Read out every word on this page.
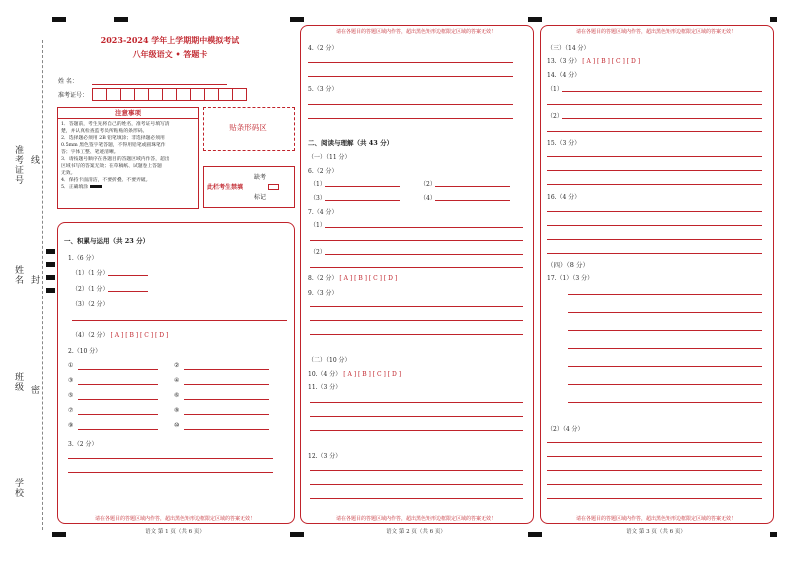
准考证号 线
姓名 封
班级 密
学校
2023-2024 学年上学期期中模拟考试
八年级语文 • 答题卡
姓 名：
准考证号：
注意事项
1．答题前，考生先将自己的姓名，准考证号填写清
楚，并认真检查监考员所粘贴的条形码。
2．选择题必须用 2B 铅笔填涂；非选择题必须用
0.5mm 黑色签字笔答题，不得用铅笔或圆珠笔作
答；字体工整、笔迹清晰。
3．请按题号顺序在各题目的答题区域内作答，超出
区域书写的答案无效；在草稿纸、试题卷上答题
无效。
4．保持卡面清洁，不要折叠、不要弄破。
5．正确填涂
贴条形码区
此栏考生禁填
缺考
标记
一、积累与运用（共 23 分）
1.（6 分）
（1）（1 分）
（2）（1 分）
（3）（2 分）
（4）（2 分） [ A ] [ B ] [ C ] [ D ]
2.（10 分）
①	②
③	④
⑤	⑥
⑦	⑧
⑨	⑩
3.（2 分）
请在各题目的答题区域内作答，超出黑色矩形边框限定区域的答案无效！
语文 第 1 页（共 6 页）
请在各题目的答题区域内作答，超出黑色矩形边框限定区域的答案无效！
4.（2 分）
5.（3 分）
二、阅读与理解（共 43 分）
（一）（11 分）
6.（2 分）
（1）	（2）
（3）	（4）
7.（4 分）
（1）
（2）
8.（2 分） [ A ] [ B ] [ C ] [ D ]
9.（3 分）
（二）（10 分）
10.（4 分） [ A ] [ B ] [ C ] [ D ]
11.（3 分）
12.（3 分）
请在各题目的答题区域内作答，超出黑色矩形边框限定区域的答案无效！
语文 第 2 页（共 6 页）
请在各题目的答题区域内作答，超出黑色矩形边框限定区域的答案无效！
（三）（14 分）
13.（3 分） [ A ] [ B ] [ C ] [ D ]
14.（4 分）
（1）
（2）
15.（3 分）
16.（4 分）
（四）（8 分）
17.（1）（3 分）
（2）（4 分）
请在各题目的答题区域内作答，超出黑色矩形边框限定区域的答案无效！
语文 第 3 页（共 6 页）
